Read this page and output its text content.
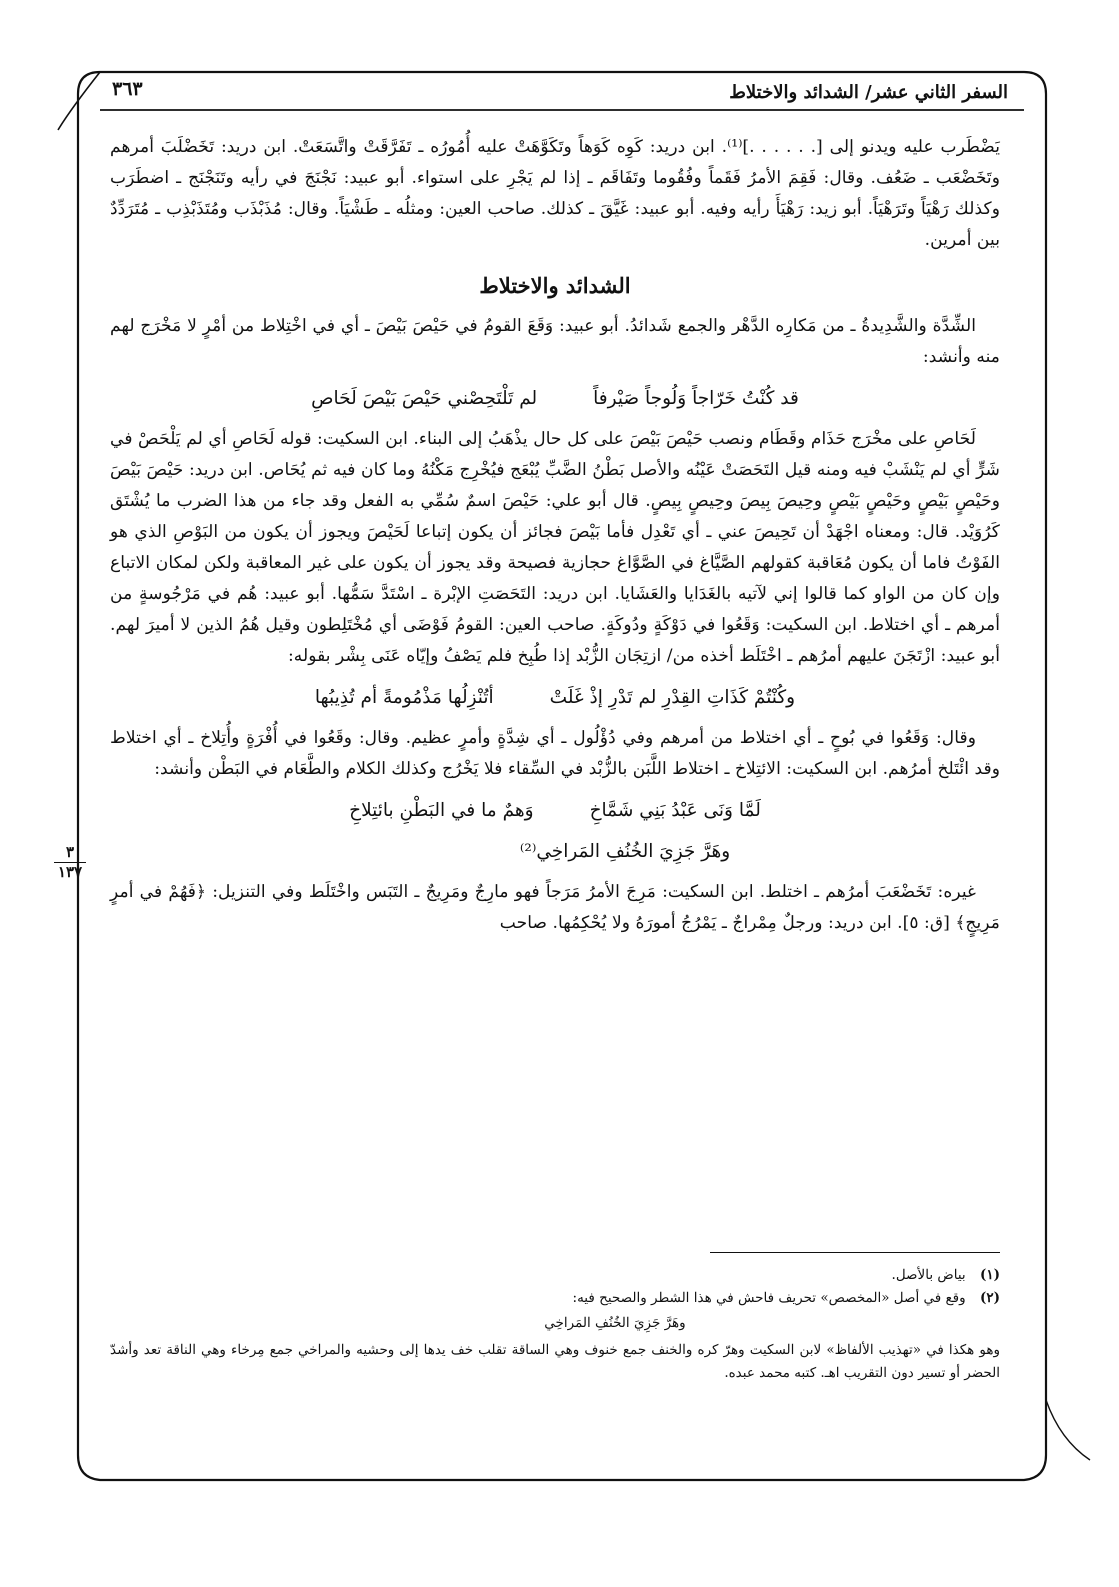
السفر الثاني عشر/ الشدائد والاختلاط
٣٦٣
٣
١٣٧

يَضْطَرب عليه ويدنو إلى [. . . . . .]⁽¹⁾. ابن دريد: كَوِه كَوَهاً وتَكَوَّهَتْ عليه أُمُورُه ـ تَفَرَّقَتْ واتَّسَعَتْ. ابن دريد: تَخَضْلَبَ أمرهم وتَخَضْعَب ـ ضَعُف. وقال: فَقِمَ الأمرُ فَقَماً وفُقُوما وتَفَاقَم ـ إذا لم يَجْرِ على استواء. أبو عبيد: نَجْنَجَ في رأيه وتَنَجْنَج ـ اضطَرَب وكذلك رَهْيَاً وتَرَهْيَاً. أبو زيد: رَهْيَأَ رأيه وفيه. أبو عبيد: غَيَّقَ ـ كذلك. صاحب العين: ومثلُه ـ طَشْيَاً. وقال: مُذَبْذَب ومُتَذَبْذِب ـ مُتَرَدِّدٌ بين أمرين.

الشدائد والاختلاط

الشِّدَّة والشَّدِيدةُ ـ من مَكارِه الدَّهْر والجمع شَدائدُ. أبو عبيد: وَقَعَ القومُ في حَيْصَ بَيْصَ ـ أي في اخْتِلاط من أمْرٍ لا مَخْرَج لهم منه وأنشد:

قد كُنْتُ خَرّاجاً وَلُوجاً صَيْرفاً
لم تَلْتَحِصْني حَيْصَ بَيْصَ لَحَاصِ

لَحَاصِ على مخْرَج حَذَام وقَطَام ونصب حَيْصَ بَيْصَ على كل حال يذْهَبُ إلى البناء. ابن السكيت: قوله لَحَاصِ أي لم يَلْحَصْ في شَرٍّ أي لم يَنْشَبْ فيه ومنه قيل التَحَصَتْ عَيْنُه والأصل بَطْنُ الضَّبِّ يُبْعَج فيُخْرِج مَكْنُهُ وما كان فيه ثم يُحَاص. ابن دريد: حَيْصَ بَيْصَ وحَيْصٍ بَيْصٍ وحَيْصٍ بَيْصٍ وحِيصَ بِيصَ وحِيصٍ بِيصٍ. قال أبو علي: حَيْصَ اسمٌ سُمِّي به الفعل وقد جاء من هذا الضرب ما يُشْتَق كَرُوَيْد. قال: ومعناه اجْهَدْ أن تَحِيصَ عني ـ أي تَعْدِل فأما بَيْصَ فجائز أن يكون إتباعا لَحَيْصَ ويجوز أن يكون من البَوْصِ الذي هو الفَوْتُ فاما أن يكون مُعَاقبة كقولهم الصَّيَّاغ في الصَّوَّاغ حجازية فصيحة وقد يجوز أن يكون على غير المعاقبة ولكن لمكان الاتباع وإن كان من الواو كما قالوا إني لآتيه بالغَدَايا والعَشَايا. ابن دريد: التَحَصَتِ الإبْرة ـ اسْتَدَّ سَمُّها. أبو عبيد: هُم في مَرْجُوسةٍ من أمرهم ـ أي اختلاط. ابن السكيت: وَقَعُوا في دَوْكَةٍ ودُوكَةٍ. صاحب العين: القومُ فَوْضَى أي مُخْتَلِطون وقيل هُمُ الذين لا أميرَ لهم. أبو عبيد: ازْتَجَنَ عليهم أمرُهم ـ اخْتَلَط أخذه من/ ازتِجَان الزُّبْد إذا طُبِخ فلم يَصْفُ وإيّاه عَنَى بِشْر بقوله:

وكُنْتُمْ كَذَاتِ القِدْرِ لم تَدْرِ إذْ غَلَتْ
أتُنْزِلُها مَذْمُومةً أم تُذِيبُها

وقال: وَقَعُوا في بُوحٍ ـ أي اختلاط من أمرهم وفي دُؤْلُول ـ أي شِدَّةٍ وأمرٍ عظيم. وقال: وقَعُوا في أُفْرَةٍ وأُتِلاخ ـ أي اختلاط وقد ائْتَلخ أمرُهم. ابن السكيت: الائتِلاخ ـ اختلاط اللَّبَن بالزُّبْد في السِّقاء فلا يَخْرُج وكذلك الكلام والطَّعَام في البَطْن وأنشد:

لَمَّا وَنَى عَبْدُ بَنِي شَمَّاخِ
وَهمٌ ما في البَطْنِ بائتِلاخِ
وهَرَّ جَزِيَ الخُنُفِ المَراخِي⁽²⁾

غيره: تَخَضْعَبَ أمرُهم ـ اختلط. ابن السكيت: مَرِجَ الأمرُ مَرَجاً فهو مارِجٌ ومَرِيجٌ ـ التَبَس واخْتَلَط وفي التنزيل: ﴿فَهُمْ في أمرٍ مَرِيجٍ﴾ [ق: ٥]. ابن دريد: ورجلٌ مِمْراجٌ ـ يَمْرُجُ أمورَهُ ولا يُحْكِمُها. صاحب

(١) بياض بالأصل.

(٢) وقع في أصل «المخصص» تحريف فاحش في هذا الشطر والصحيح فيه:

وهَرَّ جَزِيَ الخُنُفِ المَراخِي

وهو هكذا في «تهذيب الألفاظ» لابن السكيت وهرّ كره والخنف جمع خنوف وهي الساقة تقلب خف يدها إلى وحشيه والمراخي جمع مِرخاء وهي الناقة تعد وأشدّ الحضر أو تسير دون التقريب اهـ. كتبه محمد عبده.
